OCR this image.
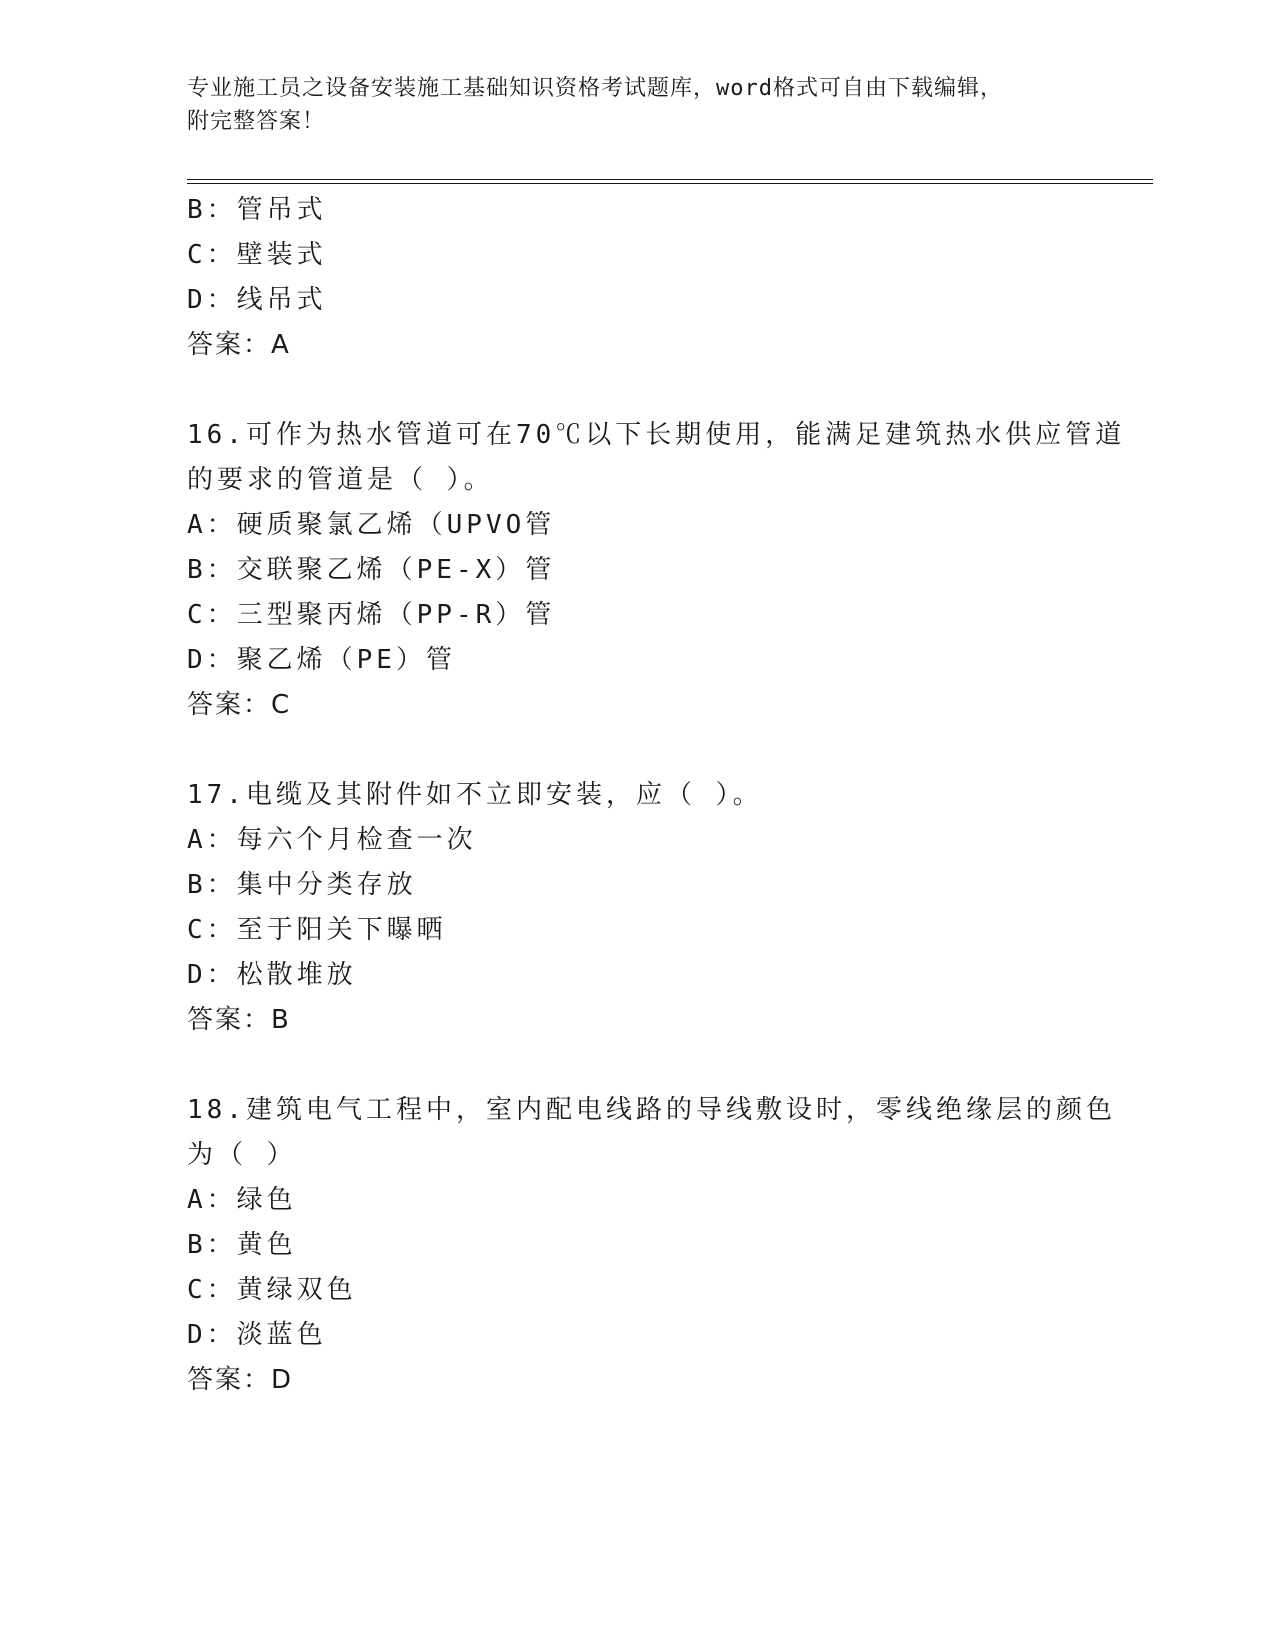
专业施工员之设备安装施工基础知识资格考试题库，word格式可自由下载编辑，
附完整答案！
B：管吊式
C：壁装式
D：线吊式
答案：A
16.可作为热水管道可在70℃以下长期使用，能满足建筑热水供应管道
的要求的管道是（ ）。
A：硬质聚氯乙烯（UPVO管
B：交联聚乙烯（PE-X）管
C：三型聚丙烯（PP-R）管
D：聚乙烯（PE）管
答案：C
17.电缆及其附件如不立即安装，应（ ）。
A：每六个月检查一次
B：集中分类存放
C：至于阳关下曝晒
D：松散堆放
答案：B
18.建筑电气工程中，室内配电线路的导线敷设时，零线绝缘层的颜色
为（ ）
A：绿色
B：黄色
C：黄绿双色
D：淡蓝色
答案：D
